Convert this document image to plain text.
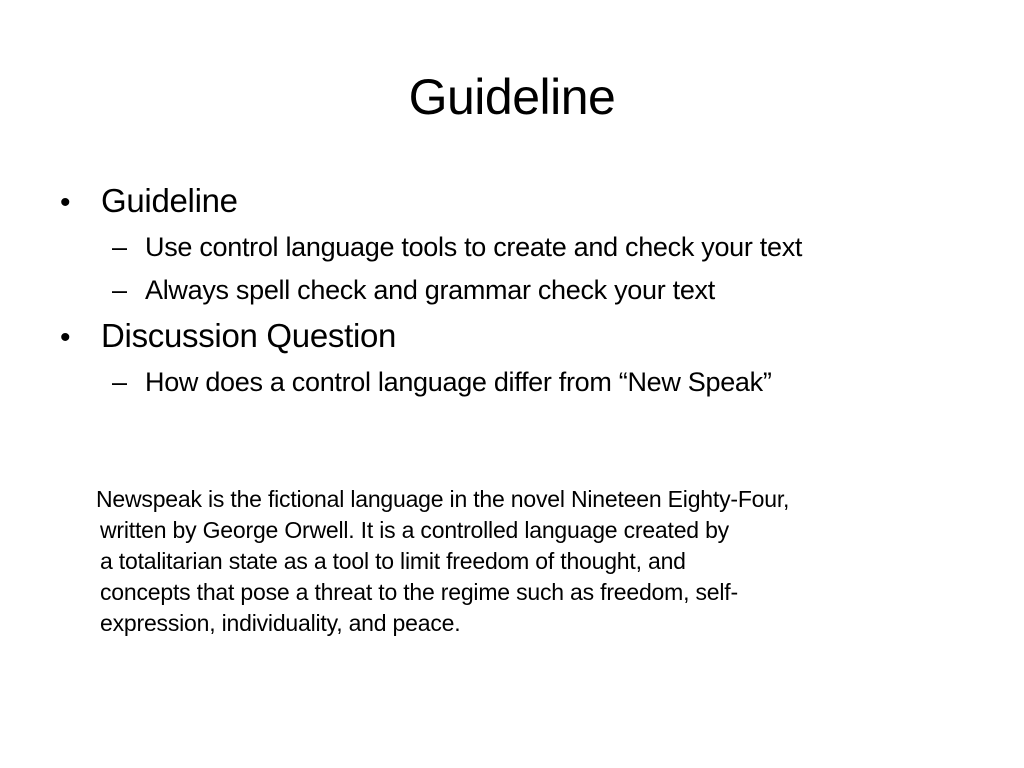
Guideline
• Guideline
– Use control language tools to create and check your text
– Always spell check and grammar check your text
• Discussion Question
– How does a control language differ from “New Speak”
Newspeak is the fictional language in the novel Nineteen Eighty-Four,
written by George Orwell. It is a controlled language created by
a totalitarian state as a tool to limit freedom of thought, and
concepts that pose a threat to the regime such as freedom, self-
expression, individuality, and peace.
